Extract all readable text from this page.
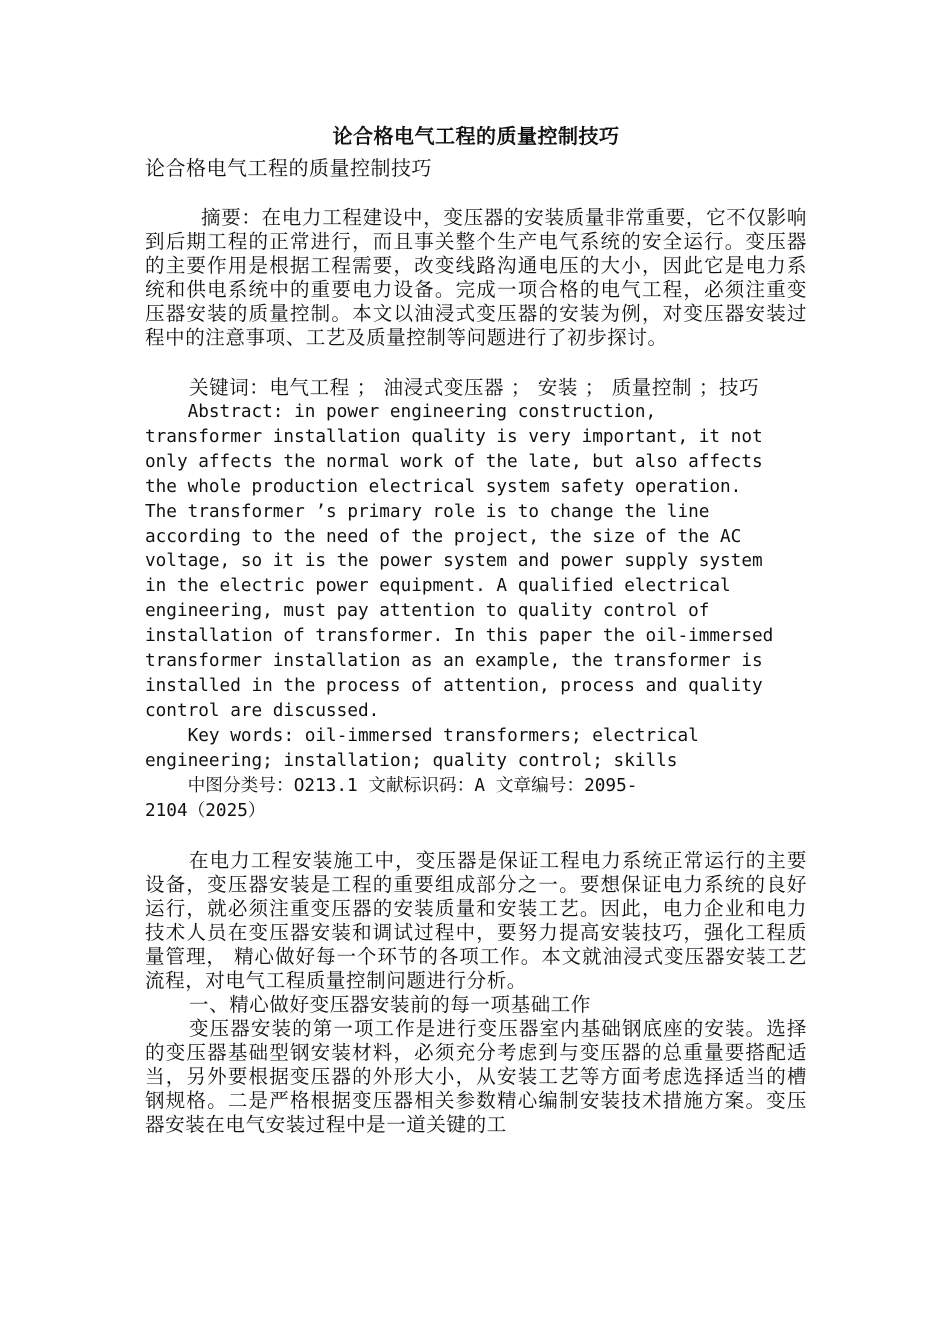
论合格电气工程的质量控制技巧

论合格电气工程的质量控制技巧

摘要：在电力工程建设中，变压器的安装质量非常重要，它不仅影响到后期工程的正常进行，而且事关整个生产电气系统的安全运行。变压器的主要作用是根据工程需要，改变线路沟通电压的大小，因此它是电力系统和供电系统中的重要电力设备。完成一项合格的电气工程，必须注重变压器安装的质量控制。本文以油浸式变压器的安装为例，对变压器安装过程中的注意事项、工艺及质量控制等问题进行了初步探讨。

关键词：电气工程 ； 油浸式变压器 ； 安装 ； 质量控制 ；技巧

Abstract: in power engineering construction,
transformer installation quality is very important, it not
only affects the normal work of the late, but also affects
the whole production electrical system safety operation.
The transformer ’s primary role is to change the line
according to the need of the project, the size of the AC
voltage, so it is the power system and power supply system
in the electric power equipment. A qualified electrical
engineering, must pay attention to quality control of
installation of transformer. In this paper the oil-immersed
transformer installation as an example, the transformer is
installed in the process of attention, process and quality
control are discussed.

Key words: oil-immersed transformers; electrical
engineering; installation; quality control; skills

中图分类号：O213.1 文献标识码：A 文章编号：2095-
2104（2025）

在电力工程安装施工中，变压器是保证工程电力系统正常运行的主要设备，变压器安装是工程的重要组成部分之一。要想保证电力系统的良好运行，就必须注重变压器的安装质量和安装工艺。因此，电力企业和电力技术人员在变压器安装和调试过程中，要努力提高安装技巧，强化工程质量管理， 精心做好每一个环节的各项工作。本文就油浸式变压器安装工艺流程，对电气工程质量控制问题进行分析。

一、精心做好变压器安装前的每一项基础工作

变压器安装的第一项工作是进行变压器室内基础钢底座的安装。选择的变压器基础型钢安装材料，必须充分考虑到与变压器的总重量要搭配适当，另外要根据变压器的外形大小，从安装工艺等方面考虑选择适当的槽钢规格。二是严格根据变压器相关参数精心编制安装技术措施方案。变压器安装在电气安装过程中是一道关键的工
